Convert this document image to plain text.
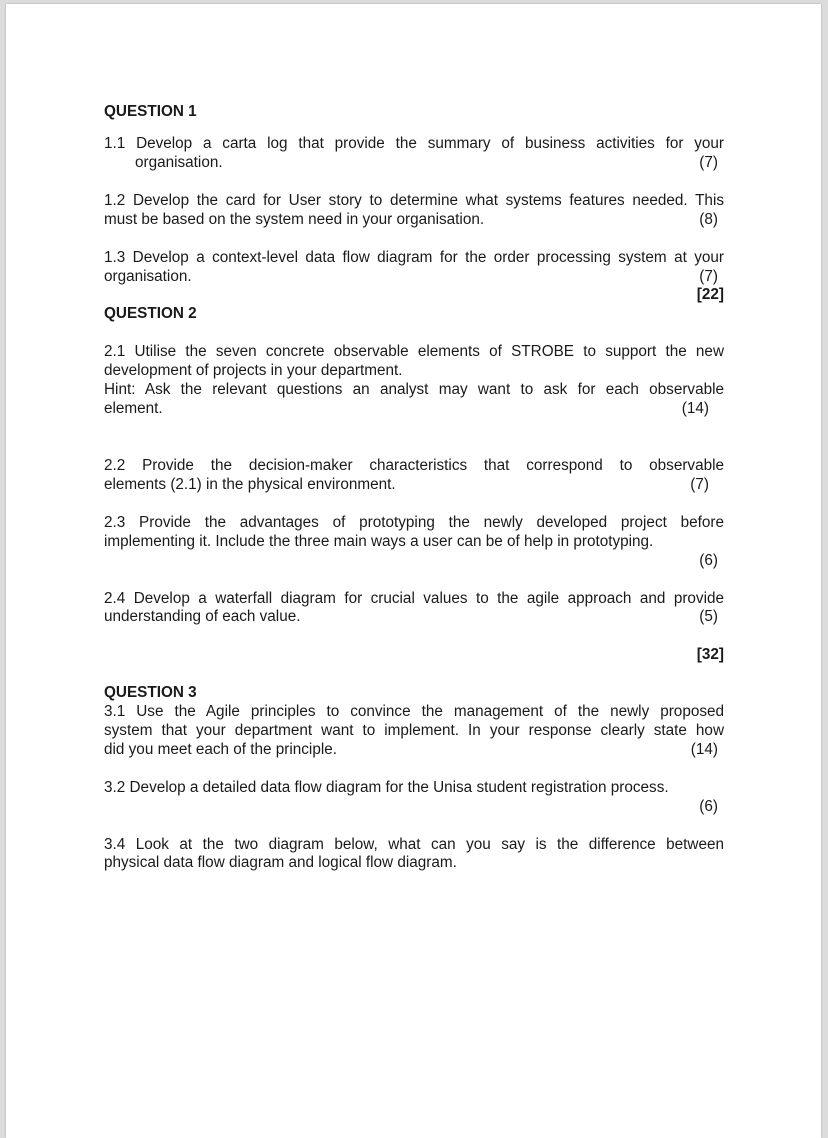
QUESTION 1

1.1 Develop a carta log that provide the summary of business activities for your

organisation.	(7)

1.2 Develop the card for User story to determine what systems features needed. This

must be based on the system need in your organisation.	(8)

1.3 Develop a context-level data flow diagram for the order processing system at your

organisation.	(7)

[22]

QUESTION 2

2.1 Utilise the seven concrete observable elements of STROBE to support the new

development of projects in your department.

Hint: Ask the relevant questions an analyst may want to ask for each observable

element.	(14)

2.2 Provide the decision-maker characteristics that correspond to observable

elements (2.1) in the physical environment.	(7)

2.3 Provide the advantages of prototyping the newly developed project before

implementing it. Include the three main ways a user can be of help in prototyping.

(6)

2.4 Develop a waterfall diagram for crucial values to the agile approach and provide

understanding of each value.	(5)

[32]

QUESTION 3

3.1 Use the Agile principles to convince the management of the newly proposed

system that your department want to implement. In your response clearly state how

did you meet each of the principle.	(14)

3.2 Develop a detailed data flow diagram for the Unisa student registration process.

(6)

3.4 Look at the two diagram below, what can you say is the difference between

physical data flow diagram and logical flow diagram.
